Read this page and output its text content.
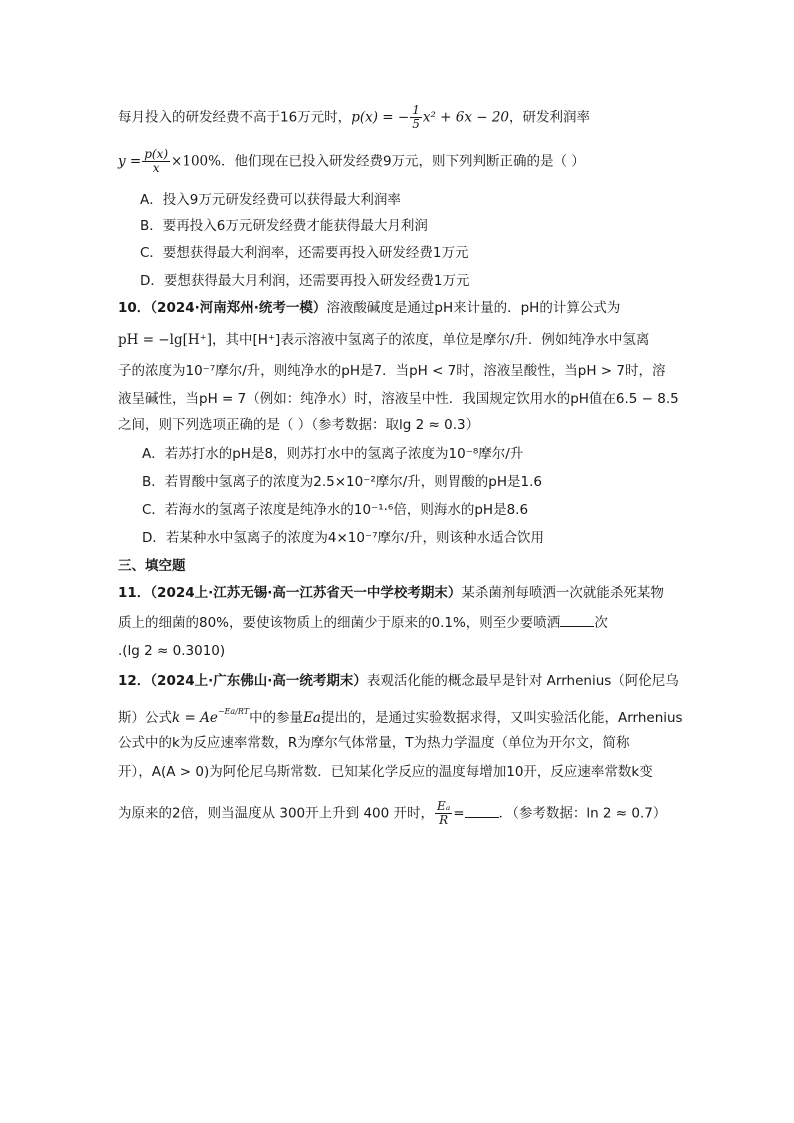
每月投入的研发经费不高于16万元时，p(x) = − $\frac{1}{5} x^2 + 6x - 20$，研发利润率
$y = \frac{p(x)}{x} \times 100\%$．他们现在已投入研发经费9万元，则下列判断正确的是（ ）
A．投入9万元研发经费可以获得最大利润率
B．要再投入6万元研发经费才能获得最大月利润
C．要想获得最大利润率，还需要再投入研发经费1万元
D．要想获得最大月利润，还需要再投入研发经费1万元
10．（2024·河南郑州·统考一模）溶液酸碱度是通过pH来计量的．pH的计算公式为
pH = −lg[H⁺]，其中[H⁺]表示溶液中氢离子的浓度，单位是摩尔/升．例如纯净水中氢离
子的浓度为10⁻⁷摩尔/升，则纯净水的pH是7．当pH < 7时，溶液呈酸性，当pH > 7时，溶
液呈碱性，当pH = 7（例如：纯净水）时，溶液呈中性．我国规定饮用水的pH值在6.5 − 8.5
之间，则下列选项正确的是（ ）（参考数据：取lg 2 ≈ 0.3）
A．若苏打水的pH是8，则苏打水中的氢离子浓度为10⁻⁸摩尔/升
B．若胃酸中氢离子的浓度为2.5×10⁻²摩尔/升，则胃酸的pH是1.6
C．若海水的氢离子浓度是纯净水的10⁻¹·⁶倍，则海水的pH是8.6
D．若某种水中氢离子的浓度为4×10⁻⁷摩尔/升，则该种水适合饮用
三、填空题
11．（2024上·江苏无锡·高一江苏省天一中学校考期末）某杀菌剂每喷洒一次就能杀死某物
质上的细菌的80%，要使该物质上的细菌少于原来的0.1%，则至少要喷洒	次
.(lg 2 ≈ 0.3010)
12．（2024上·广东佛山·高一统考期末）表观活化能的概念最早是针对 Arrhenius（阿伦尼乌
斯）公式$k = Ae^{-Ea/RT}$中的参量Ea提出的，是通过实验数据求得，又叫实验活化能，Arrhenius
公式中的k为反应速率常数，R为摩尔气体常量，T为热力学温度（单位为开尔文，简称
开），A(A > 0)为阿伦尼乌斯常数．已知某化学反应的温度每增加10开，反应速率常数k变
为原来的2倍，则当温度从 300开上升到 400 开时， $\frac{\text{Eₐ}}{R}$ =	．（参考数据：ln 2 ≈ 0.7）
